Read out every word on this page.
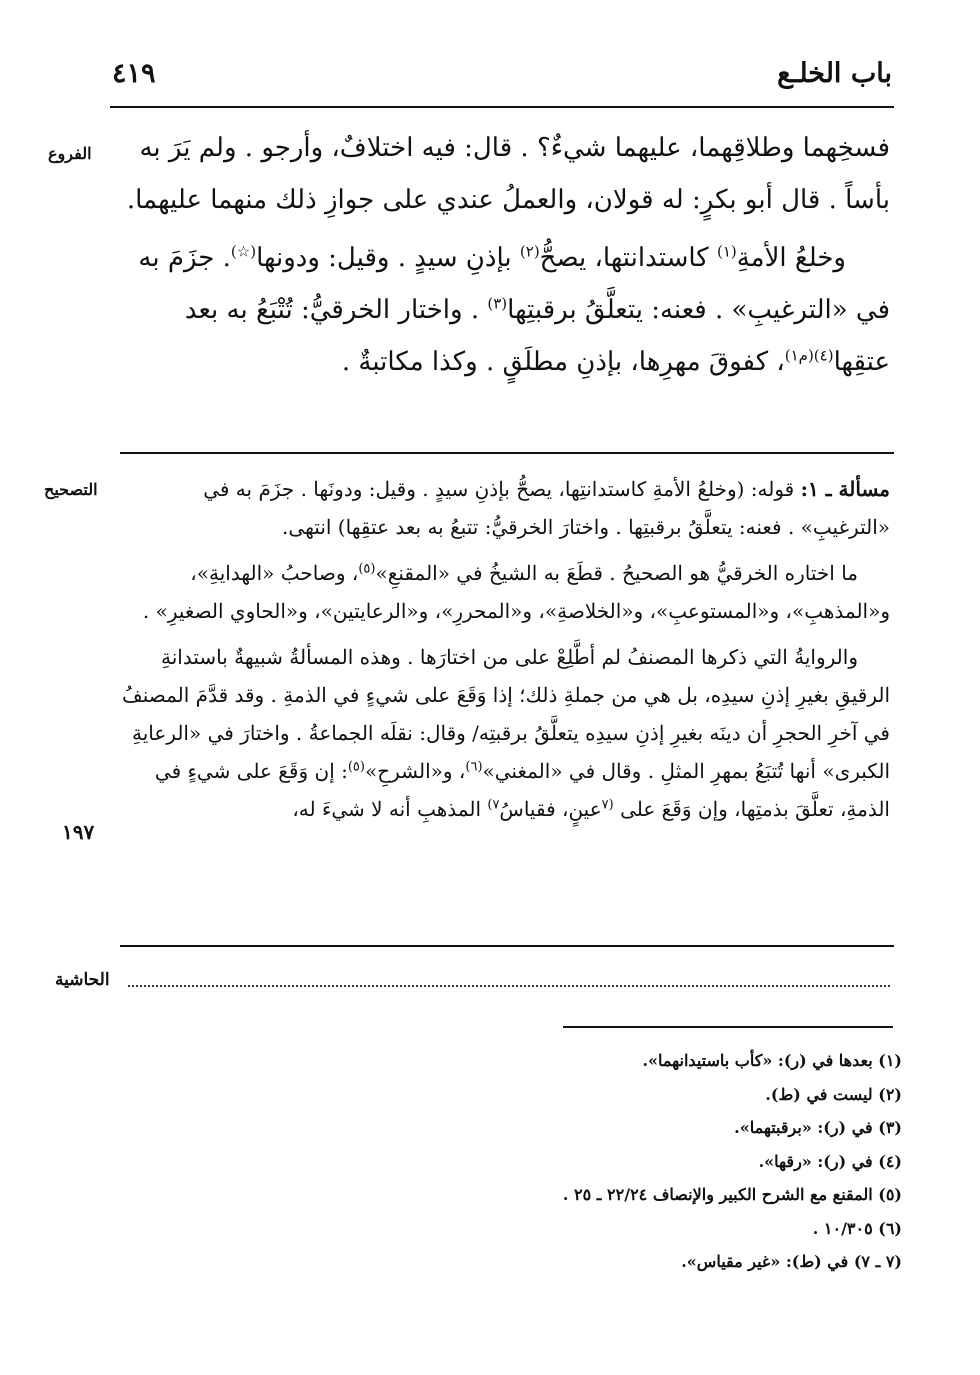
باب الخلـع
٤١٩
الفروع
التصحيح
١٩٧

فسخِهما وطلاقِهما، عليهما شيءٌ؟ . قال: فيه اختلافٌ، وأرجو . ولم يَرَ به بأساً . قال أبو بكرٍ: له قولان، والعملُ عندي على جوازِ ذلك منهما عليهما.

وخلعُ الأمةِ$^{(١)}$ كاستدانتها، يصحُّ$^{(٢)}$ بإذنِ سيدٍ . وقيل: ودونها(☆). جزَمَ به في «الترغيبِ» . فعنه: يتعلَّقُ برقبتِها$^{(٣)}$ . واختار الخرقيُّ: تُتْبَعُ به بعد عتقِها$^{(٤)(م١)}$، كفوقَ مهرِها، بإذنِ مطلَقٍ . وكذا مكاتبةٌ .

مسألة ـ ١: قوله: (وخلعُ الأمةِ كاستدانتِها، يصحُّ بإذنِ سيدٍ . وقيل: ودونَها . جزَمَ به في «الترغيبِ» . فعنه: يتعلَّقُ برقبتِها . واختارَ الخرقيُّ: تتبعُ به بعد عتقِها) انتهى.

ما اختاره الخرقيُّ هو الصحيحُ . قطَعَ به الشيخُ في «المقنعِ»$^{(٥)}$، وصاحبُ «الهدايةِ»، و«المذهبِ»، و«المستوعبِ»، و«الخلاصةِ»، و«المحررِ»، و«الرعايتين»، و«الحاوي الصغيرِ» .

والروايةُ التي ذكرها المصنفُ لم أطَّلِعْ على من اختارَها . وهذه المسألةُ شبيهةٌ باستدانةِ الرقيقِ بغيرِ إذنِ سيدِه، بل هي من جملةِ ذلك؛ إذا وَقَعَ على شيءٍ في الذمةِ . وقد قدَّمَ المصنفُ في آخرِ الحجرِ أن دينَه بغيرِ إذنِ سيدِه يتعلَّقُ برقبتِه/ وقال: نقلَه الجماعةُ . واختارَ في «الرعايةِ الكبرى» أنها تُتبَعُ بمهرِ المثلِ . وقال في «المغني»$^{(٦)}$، و«الشرحِ»$^{(٥)}$: إن وَقَعَ على شيءٍ في الذمةِ، تعلَّقَ بذمتِها، وإن وَقَعَ على $^{(٧}$عينٍ، فقياسُ$^{٧)}$ المذهبِ أنه لا شيءَ له،

الحاشية
(١) بعدها في (ر): «كأب باستيدانهما».
(٢) ليست في (ط).
(٣) في (ر): «برقبتهما».
(٤) في (ر): «رقها».
(٥) المقنع مع الشرح الكبير والإنصاف ٢٢/٢٤ ـ ٢٥ .
(٦) ١٠/٣٠٥ .
(٧ ـ ٧) في (ط): «غير مقياس».
